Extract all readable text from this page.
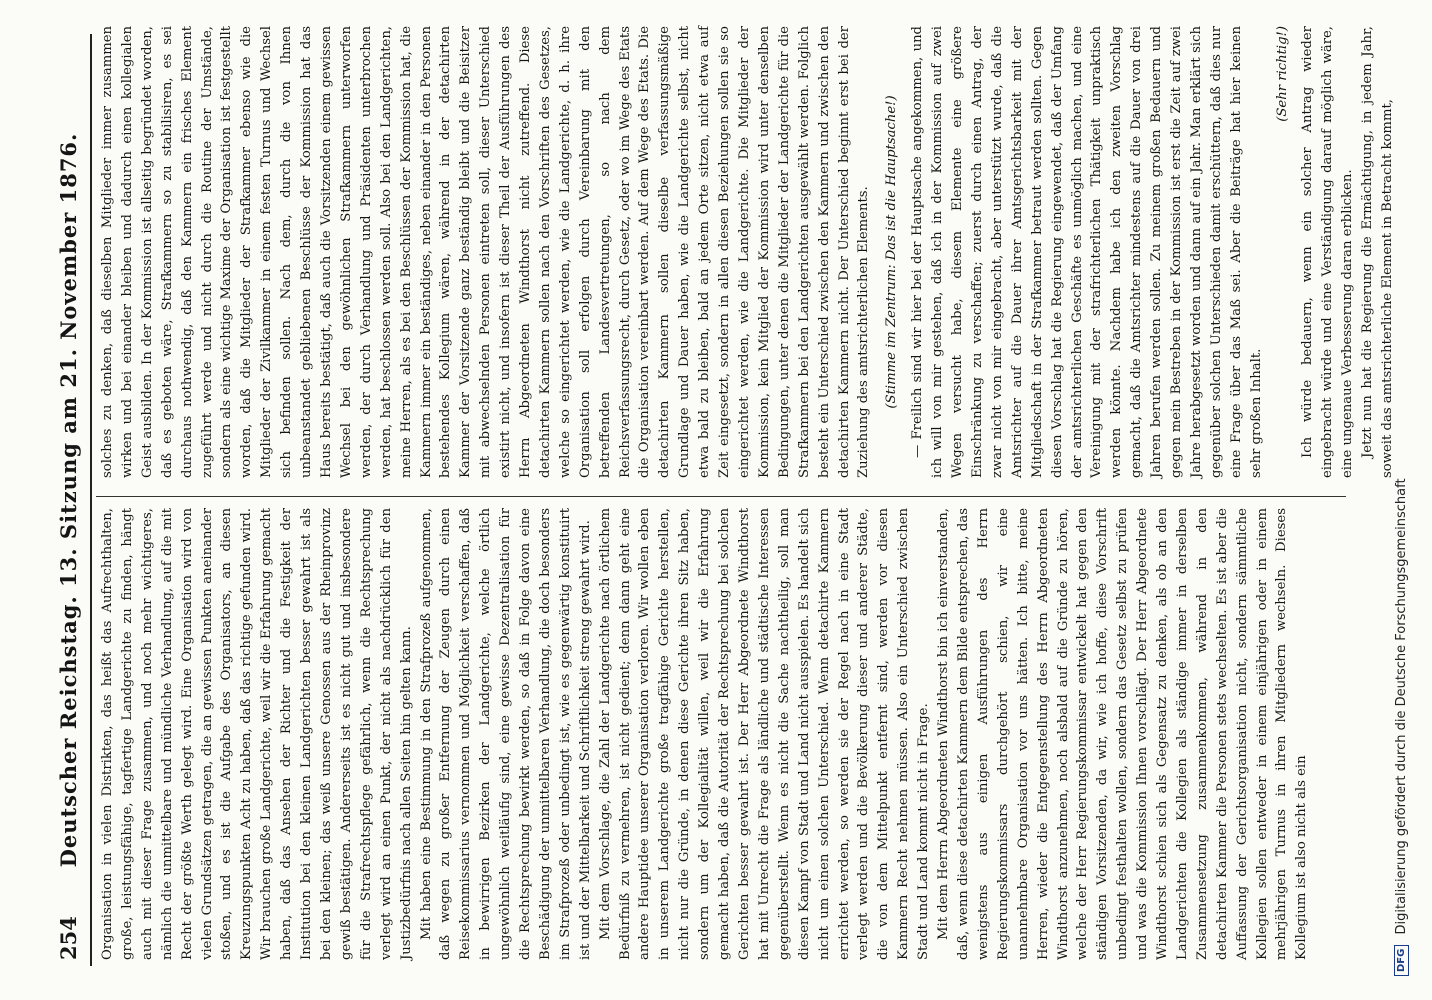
254
Deutscher Reichstag. 13. Sitzung am 21. November 1876. Organisation in vielen Distrikten, das heißt das Aufrechthalten, große, leistungsfähige, tagfertige Landgerichte zu finden, hängt auch mit dieser Frage zusammen, und noch mehr wichtigeres, nämlich die unmittelbare und mündliche Verhandlung, auf die mit Recht der größte Werth gelegt wird. Eine Organisation wird von vielen Grundsätzen getragen, die an gewissen Punkten aneinander stoßen, und es ist die Aufgabe des Organisators, an diesen Kreuzungspunkten Acht zu haben, daß das richtige gefunden wird. Wir brauchen große Landgerichte, weil wir die Erfahrung gemacht haben, daß das Ansehen der Richter und die Festigkeit der Institution bei den kleinen Landgerichten besser gewahrt ist als bei den kleinen; das weiß unsere Genossen aus der Rheinprovinz gewiß bestätigen. Andererseits ist es nicht gut und insbesondere für die Strafrechtspflege gefährlich, wenn die Rechtsprechung verlegt wird an einen Punkt, der nicht als nachdrücklich für den Justizbedürfnis nach allen Seiten hin gelten kann. Mit haben eine Bestimmung in den Strafprozeß aufgenommen, daß wegen zu großer Entfernung der Zeugen durch einen Reisekommissarius vernommen und Möglichkeit verschaffen, daß in bewirrigen Bezirken der Landgerichte, welche örtlich ungewöhnlich weitläufig sind, eine gewisse Dezentralisation für die Rechtsprechung bewirkt werden, so daß in Folge davon eine Beschädigung der unmittelbaren Verhandlung, die doch besonders im Strafprozeß oder unbedingt ist, wie es gegenwärtig konstituirt ist und der Mittelbarkeit und Schriftlichkeit streng gewahrt wird. Mit dem Vorschlage, die Zahl der Landgerichte nach örtlichem Bedürfniß zu vermehren, ist nicht gedient; denn dann geht eine andere Hauptidee unserer Organisation verloren. Wir wollen eben in unserem Landgerichte große tragfähige Gerichte herstellen, nicht nur die Gründe, in denen diese Gerichte ihren Sitz haben, sondern um der Kollegialität willen, weil wir die Erfahrung gemacht haben, daß die Autorität der Rechtsprechung bei solchen Gerichten besser gewahrt ist. Der Herr Abgeordnete Windthorst hat mit Unrecht die Frage als ländliche und städtische Interessen gegenüberstellt. Wenn es nicht die Sache nachtheilig, soll man diesen Kampf von Stadt und Land nicht ausspielen. Es handelt sich nicht um einen solchen Unterschied. Wenn detachirte Kammern errichtet werden, so werden sie der Regel nach in eine Stadt verlegt werden und die Bevölkerung dieser und anderer Städte, die von dem Mittelpunkt entfernt sind, werden vor diesen Kammern Recht nehmen müssen. Also ein Unterschied zwischen Stadt und Land kommt nicht in Frage. Mit dem Herrn Abgeordneten Windthorst bin ich einverstanden, daß, wenn diese detachirten Kammern dem Bilde entsprechen, das wenigstens aus einigen Ausführungen des Herrn Regierungskommissars durchgehört schien, wir eine unannehmbare Organisation vor uns hätten. Ich bitte, meine Herren, wieder die Entgegenstellung des Herrn Abgeordneten Windthorst anzunehmen, noch alsbald auf die Gründe zu hören, welche der Herr Regierungskommissar entwickelt hat gegen den ständigen Vorsitzenden, da wir, wie ich hoffe, diese Vorschrift unbedingt festhalten wollen, sondern das Gesetz selbst zu prüfen und was die Kommission Ihnen vorschlägt. Der Herr Abgeordnete Windthorst schien sich als Gegensatz zu denken, als ob an den Landgerichten die Kollegien als ständige immer in derselben Zusammensetzung zusammenkommen, während in den detachirten Kammer die Personen stets wechselten. Es ist aber die Auffassung der Gerichtsorganisation nicht, sondern sämmtliche Kollegien sollen entweder in einem einjährigen oder in einem mehrjährigen Turnus in ihren Mitgliedern wechseln. Dieses Kollegium ist also nicht als ein

solches zu denken, daß dieselben Mitglieder immer zusammen wirken und bei einander bleiben und dadurch einen kollegialen Geist ausbilden. In der Kommission ist allseitig begründet worden, daß es geboten wäre, Strafkammern so zu stabilisiren, es sei durchaus nothwendig, daß den Kammern ein frisches Element zugeführt werde und nicht durch die Routine der Umstände, sondern als eine wichtige Maxime der Organisation ist festgestellt worden, daß die Mitglieder der Strafkammer ebenso wie die Mitglieder der Zivilkammer in einem festen Turnus und Wechsel sich befinden sollen. Nach dem, durch die von Ihnen unbeanstandet gebliebenen Beschlüsse der Kommission hat das Haus bereits bestätigt, daß auch die Vorsitzenden einem gewissen Wechsel bei den gewöhnlichen Strafkammern unterworfen werden, der durch Verhandlung und Präsidenten unterbrochen werden, hat beschlossen werden soll. Also bei den Landgerichten, meine Herren, als es bei den Beschlüssen der Kommission hat, die Kammern immer ein beständiges, neben einander in den Personen bestehendes Kollegium wären, während in der detachirten Kammer der Vorsitzende ganz beständig bleibt und die Beisitzer mit abwechselnden Personen eintreten soll, dieser Unterschied existirt nicht, und insofern ist dieser Theil der Ausführungen des Herrn Abgeordneten Windthorst nicht zutreffend. Diese detachirten Kammern sollen nach den Vorschriften des Gesetzes, welche so eingerichtet werden, wie die Landgerichte, d. h. ihre Organisation soll erfolgen durch Vereinbarung mit den betreffenden Landesvertretungen, so nach dem Reichsverfassungsrecht, durch Gesetz, oder wo im Wege des Etats die Organisation vereinbart werden. Auf dem Wege des Etats. Die detachirten Kammern sollen dieselbe verfassungsmäßige Grundlage und Dauer haben, wie die Landgerichte selbst, nicht etwa bald zu bleiben, bald an jedem Orte sitzen, nicht etwa auf Zeit eingesetzt, sondern in allen diesen Beziehungen sollen sie so eingerichtet werden, wie die Landgerichte. Die Mitglieder der Kommission, kein Mitglied der Kommission wird unter denselben Bedingungen, unter denen die Mitglieder der Landgerichte für die Strafkammern bei den Landgerichten ausgewählt werden. Folglich besteht ein Unterschied zwischen den Kammern und zwischen den detachirten Kammern nicht. Der Unterschied beginnt erst bei der Zuziehung des amtsrichterlichen Elements. (Stimme im Zentrum: Das ist die Hauptsache!) — Freilich sind wir hier bei der Hauptsache angekommen, und ich will von mir gestehen, daß ich in der Kommission auf zwei Wegen versucht habe, diesem Elemente eine größere Einschränkung zu verschaffen; zuerst durch einen Antrag, der zwar nicht von mir eingebracht, aber unterstützt wurde, daß die Amtsrichter auf die Dauer ihrer Amtsgerichtsbarkeit mit der Mitgliedschaft in der Strafkammer betraut werden sollten. Gegen diesen Vorschlag hat die Regierung eingewendet, daß der Umfang der amtsrichterlichen Geschäfte es unmöglich machen, und eine Vereinigung mit der strafrichterlichen Thätigkeit unpraktisch werden könnte. Nachdem habe ich den zweiten Vorschlag gemacht, daß die Amtsrichter mindestens auf die Dauer von drei Jahren berufen werden sollen. Zu meinem großen Bedauern und gegen mein Bestreben in der Kommission ist erst die Zeit auf zwei Jahre herabgesetzt worden und dann auf ein Jahr. Man erklärt sich gegenüber solchen Unterschieden damit erschüttern, daß dies nur eine Frage über das Maß sei. Aber die Beiträge hat hier keinen sehr großen Inhalt.

(Sehr richtig!) Ich würde bedauern, wenn ein solcher Antrag wieder eingebracht würde und eine Verständigung darauf möglich wäre, eine ungenaue Verbesserung daran erblicken. Jetzt nun hat die Regierung die Ermächtigung, in jedem Jahr, soweit das amtsrichterliche Element in Betracht kommt,

DFG Digitalisierung gefördert durch die Deutsche Forschungsgemeinschaft
